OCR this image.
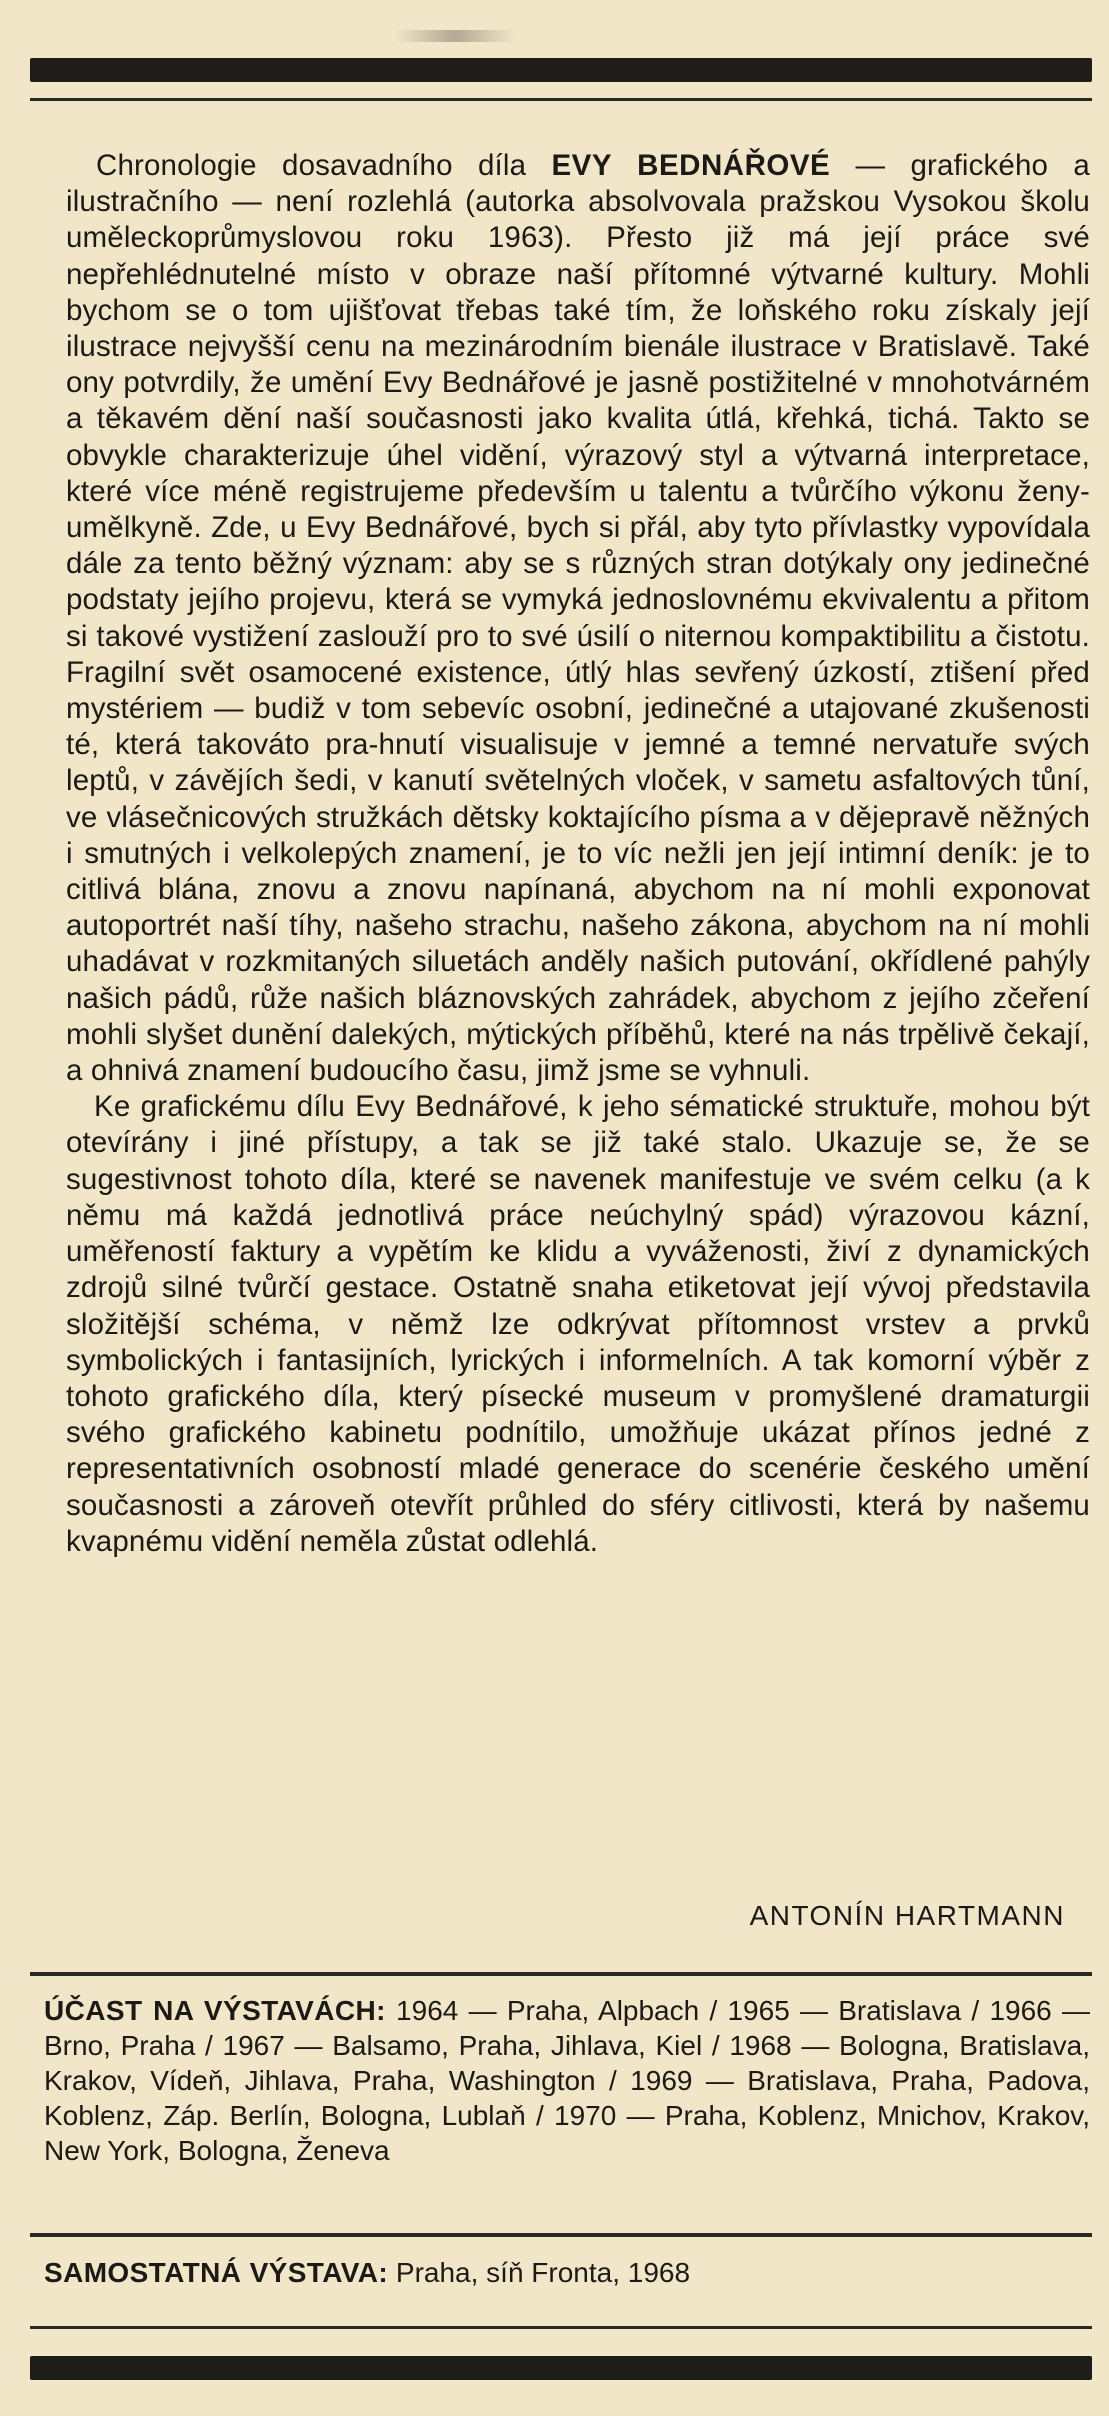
Chronologie dosavadního díla EVY BEDNÁŘOVÉ — grafického a ilustračního — není rozlehlá (autorka absolvovala pražskou Vysokou školu uměleckoprůmyslovou roku 1963). Přesto již má její práce své nepřehlédnutelné místo v obraze naší přítomné výtvarné kultury. Mohli bychom se o tom ujišťovat třebas také tím, že loňského roku získaly její ilustrace nejvyšší cenu na mezinárodním bienále ilustrace v Bratislavě. Také ony potvrdily, že umění Evy Bednářové je jasně postižitelné v mnohotvárném a těkavém dění naší současnosti jako kvalita útlá, křehká, tichá. Takto se obvykle charakterizuje úhel vidění, výrazový styl a výtvarná interpretace, které více méně registrujeme především u talentu a tvůrčího výkonu ženy-umělkyně. Zde, u Evy Bednářové, bych si přál, aby tyto přívlastky vypovídala dále za tento běžný význam: aby se s různých stran dotýkaly ony jedinečné podstaty jejího projevu, která se vymyká jednoslovnému ekvivalentu a přitom si takové vystižení zaslouží pro to své úsilí o niternou kompaktibilitu a čistotu. Fragilní svět osamocené existence, útlý hlas sevřený úzkostí, ztišení před mystériem — budiž v tom sebevíc osobní, jedinečné a utajované zkušenosti té, která takováto pra-hnutí visualisuje v jemné a temné nervatuře svých leptů, v závějích šedi, v kanutí světelných vloček, v sametu asfaltových tůní, ve vlásečnicových stružkách dětsky koktajícího písma a v dějepravě něžných i smutných i velkolepých znamení, je to víc nežli jen její intimní deník: je to citlivá blána, znovu a znovu napínaná, abychom na ní mohli exponovat autoportrét naší tíhy, našeho strachu, našeho zákona, abychom na ní mohli uhadávat v rozkmitaných siluetách anděly našich putování, okřídlené pahýly našich pádů, růže našich bláznovských zahrádek, abychom z jejího zčeření mohli slyšet dunění dalekých, mýtických příběhů, které na nás trpělivě čekají, a ohnivá znamení budoucího času, jimž jsme se vyhnuli.

Ke grafickému dílu Evy Bednářové, k jeho sématické struktuře, mohou být otevírány i jiné přístupy, a tak se již také stalo. Ukazuje se, že se sugestivnost tohoto díla, které se navenek manifestuje ve svém celku (a k němu má každá jednotlivá práce neúchylný spád) výrazovou kázní, uměřeností faktury a vypětím ke klidu a vyváženosti, živí z dynamických zdrojů silné tvůrčí gestace. Ostatně snaha etiketovat její vývoj představila složitější schéma, v němž lze odkrývat přítomnost vrstev a prvků symbolických i fantasijních, lyrických i informelních. A tak komorní výběr z tohoto grafického díla, který písecké museum v promyšlené dramaturgii svého grafického kabinetu podnítilo, umožňuje ukázat přínos jedné z representativních osobností mladé generace do scenérie českého umění současnosti a zároveň otevřít průhled do sféry citlivosti, která by našemu kvapnému vidění neměla zůstat odlehlá.

ANTONÍN HARTMANN
ÚČAST NA VÝSTAVÁCH: 1964 — Praha, Alpbach / 1965 — Bratislava / 1966 — Brno, Praha / 1967 — Balsamo, Praha, Jihlava, Kiel / 1968 — Bologna, Bratislava, Krakov, Vídeň, Jihlava, Praha, Washington / 1969 — Bratislava, Praha, Padova, Koblenz, Záp. Berlín, Bologna, Lublaň / 1970 — Praha, Koblenz, Mnichov, Krakov, New York, Bologna, Ženeva
SAMOSTATNÁ VÝSTAVA: Praha, síň Fronta, 1968
